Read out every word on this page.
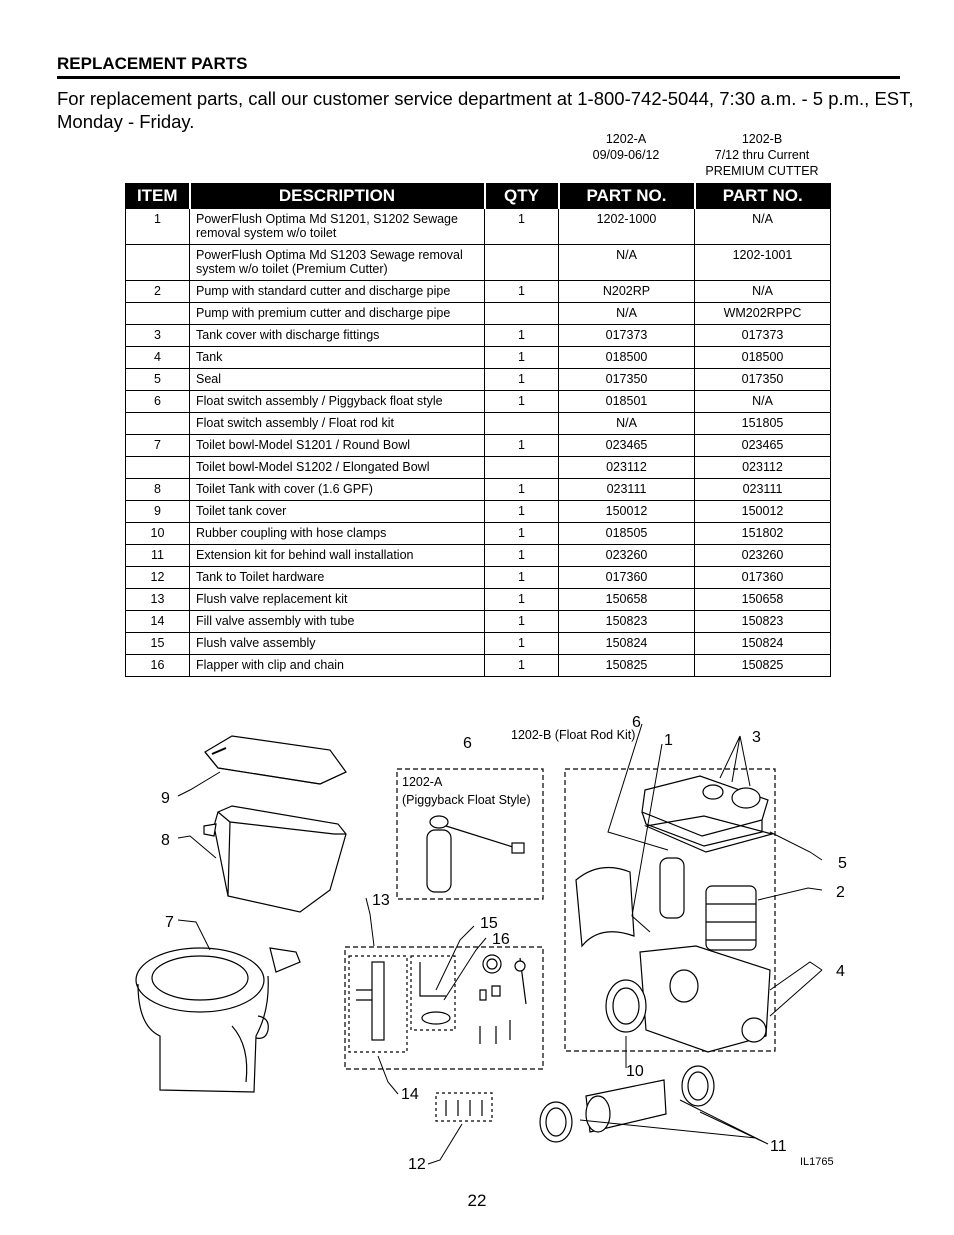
REPLACEMENT PARTS
For replacement parts, call our customer service department at 1-800-742-5044, 7:30 a.m. - 5 p.m., EST, Monday - Friday.
1202-A
09/09-06/12
1202-B
7/12 thru Current
PREMIUM CUTTER
ITEM	DESCRIPTION	QTY	PART NO.	PART NO.
1	PowerFlush Optima Md S1201, S1202 Sewage removal system w/o toilet	1	1202-1000	N/A
	PowerFlush Optima Md S1203 Sewage removal system w/o toilet (Premium Cutter)		N/A	1202-1001
2	Pump with standard cutter and discharge pipe	1	N202RP	N/A
	Pump with premium cutter and discharge pipe		N/A	WM202RPPC
3	Tank cover with discharge fittings	1	017373	017373
4	Tank	1	018500	018500
5	Seal	1	017350	017350
6	Float switch assembly / Piggyback float style	1	018501	N/A
	Float switch assembly / Float rod kit		N/A	151805
7	Toilet bowl-Model S1201 / Round Bowl	1	023465	023465
	Toilet bowl-Model S1202 / Elongated Bowl		023112	023112
8	Toilet Tank with cover (1.6 GPF)	1	023111	023111
9	Toilet tank cover	1	150012	150012
10	Rubber coupling with hose clamps	1	018505	151802
11	Extension kit for behind wall installation	1	023260	023260
12	Tank to Toilet hardware	1	017360	017360
13	Flush valve replacement kit	1	150658	150658
14	Fill valve assembly with tube	1	150823	150823
15	Flush valve assembly	1	150824	150824
16	Flapper with clip and chain	1	150825	150825
9
8
7
13
15
16
14
12
6
6
1	3
5
2
4
10
11
1202-A
(Piggyback Float Style)
1202-B (Float Rod Kit)
IL1765
22
